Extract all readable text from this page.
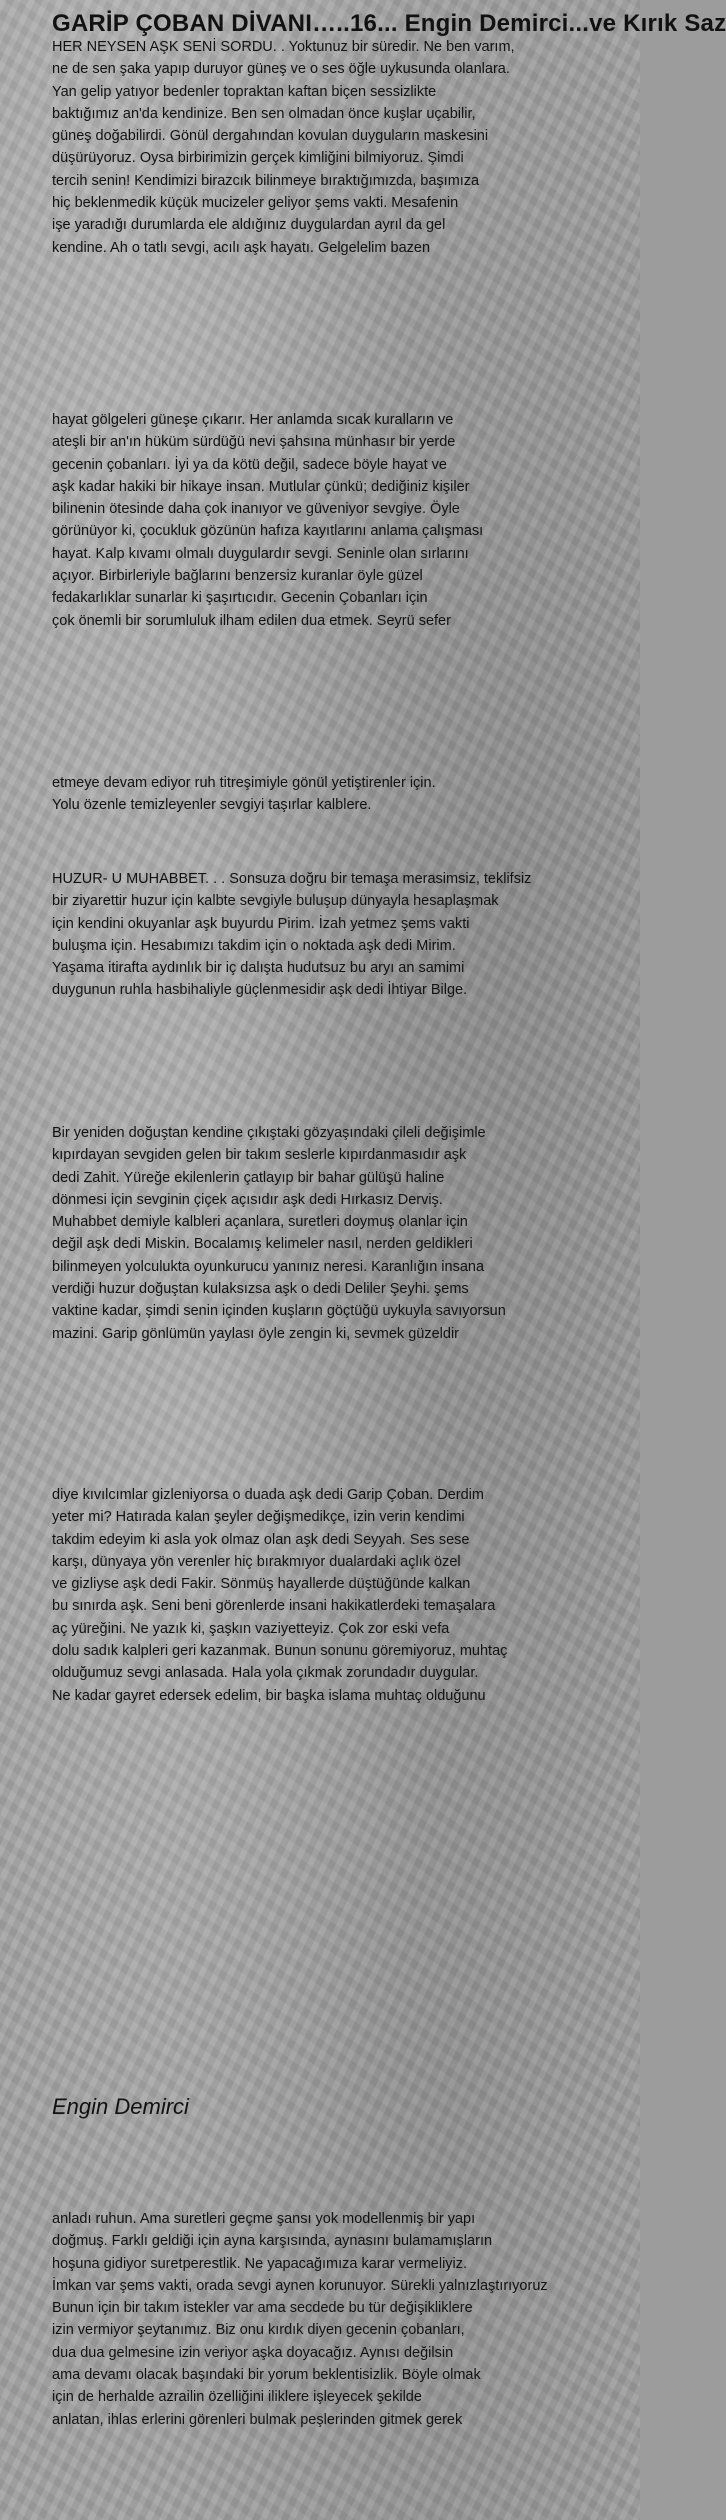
GARİP ÇOBAN DİVANI…..16... Engin Demirci...ve Kırık Saz
HER NEYSEN AŞK SENİ SORDU. . Yoktunuz bir süredir. Ne ben varım,
ne de sen şaka yapıp duruyor güneş ve o ses öğle uykusunda olanlara.
Yan gelip yatıyor bedenler topraktan kaftan biçen sessizlikte
baktığımız an'da kendinize. Ben sen olmadan önce kuşlar uçabilir,
güneş doğabilirdi. Gönül dergahından kovulan duyguların maskesini
düşürüyoruz. Oysa birbirimizin gerçek kimliğini bilmiyoruz. Şimdi
tercih senin! Kendimizi birazcık bilinmeye bıraktığımızda, başımıza
hiç beklenmedik küçük mucizeler geliyor şems vakti. Mesafenin
işe yaradığı durumlarda ele aldığınız duygulardan ayrıl da gel
kendine. Ah o tatlı sevgi, acılı aşk hayatı. Gelgelelim bazen
hayat gölgeleri güneşe çıkarır. Her anlamda sıcak kuralların ve
ateşli bir an'ın hüküm sürdüğü nevi şahsına münhasır bir yerde
gecenin çobanları. İyi ya da kötü değil, sadece böyle hayat ve
aşk kadar hakiki bir hikaye insan. Mutlular çünkü; dediğiniz kişiler
bilinenin ötesinde daha çok inanıyor ve güveniyor sevgiye. Öyle
görünüyor ki, çocukluk gözünün hafıza kayıtlarını anlama çalışması
hayat. Kalp kıvamı olmalı duygulardır sevgi. Seninle olan sırlarını
açıyor. Birbirleriyle bağlarını benzersiz kuranlar öyle güzel
fedakarlıklar sunarlar ki şaşırtıcıdır. Gecenin Çobanları için
çok önemli bir sorumluluk ilham edilen dua etmek. Seyrü sefer
etmeye devam ediyor ruh titreşimiyle gönül yetiştirenler için.
Yolu özenle temizleyenler sevgiyi taşırlar kalblere.
HUZUR- U MUHABBET. . . Sonsuza doğru bir temaşa merasimsiz, teklifsiz
bir ziyarettir huzur için kalbte sevgiyle buluşup dünyayla hesaplaşmak
için kendini okuyanlar aşk buyurdu Pirim. İzah yetmez şems vakti
buluşma için. Hesabımızı takdim için o noktada aşk dedi Mirim.
Yaşama itirafta aydınlık bir iç dalışta hudutsuz bu aryı an samimi
duygunun ruhla hasbihaliyle güçlenmesidir aşk dedi İhtiyar Bilge.
Bir yeniden doğuştan kendine çıkıştaki gözyaşındaki çileli değişimle
kıpırdayan sevgiden gelen bir takım seslerle kıpırdanmasıdır aşk
dedi Zahit. Yüreğe ekilenlerin çatlayıp bir bahar gülüşü haline
dönmesi için sevginin çiçek açısıdır aşk dedi Hırkasız Derviş.
Muhabbet demiyle kalbleri açanlara, suretleri doymuş olanlar için
değil aşk dedi Miskin. Bocalamış kelimeler nasıl, nerden geldikleri
bilinmeyen yolculukta oyunkurucu yanınız neresi. Karanlığın insana
verdiği huzur doğuştan kulaksızsa aşk o dedi Deliler Şeyhi. şems
vaktine kadar, şimdi senin içinden kuşların göçtüğü uykuyla savıyorsun
mazini. Garip gönlümün yaylası öyle zengin ki, sevmek güzeldir
diye kıvılcımlar gizleniyorsa o duada aşk dedi Garip Çoban. Derdim
yeter mi? Hatırada kalan şeyler değişmedikçe, izin verin kendimi
takdim edeyim ki asla yok olmaz olan aşk dedi Seyyah. Ses sese
karşı, dünyaya yön verenler hiç bırakmıyor dualardaki açlık özel
ve gizliyse aşk dedi Fakir. Sönmüş hayallerde düştüğünde kalkan
bu sınırda aşk. Seni beni görenlerde insani hakikatlerdeki temaşalara
aç yüreğini. Ne yazık ki, şaşkın vaziyetteyiz. Çok zor eski vefa
dolu sadık kalpleri geri kazanmak. Bunun sonunu göremiyoruz, muhtaç
olduğumuz sevgi anlasada. Hala yola çıkmak zorundadır duygular.
Ne kadar gayret edersek edelim, bir başka islama muhtaç olduğunu

Engin Demirci

anladı ruhun. Ama suretleri geçme şansı yok modellenmiş bir yapı
doğmuş. Farklı geldiği için ayna karşısında, aynasını bulamamışların
hoşuna gidiyor suretperestlik. Ne yapacağımıza karar vermeliyiz.
İmkan var şems vakti, orada sevgi aynen korunuyor. Sürekli yalnızlaştırıyoruz
Bunun için bir takım istekler var ama secdede bu tür değişikliklere
izin vermiyor şeytanımız. Biz onu kırdık diyen gecenin çobanları,
dua dua gelmesine izin veriyor aşka doyacağız. Aynısı değilsin
ama devamı olacak başındaki bir yorum beklentisizlik. Böyle olmak
için de herhalde azrailin özelliğini iliklere işleyecek şekilde
anlatan, ihlas erlerini görenleri bulmak peşlerinden gitmek gerek
